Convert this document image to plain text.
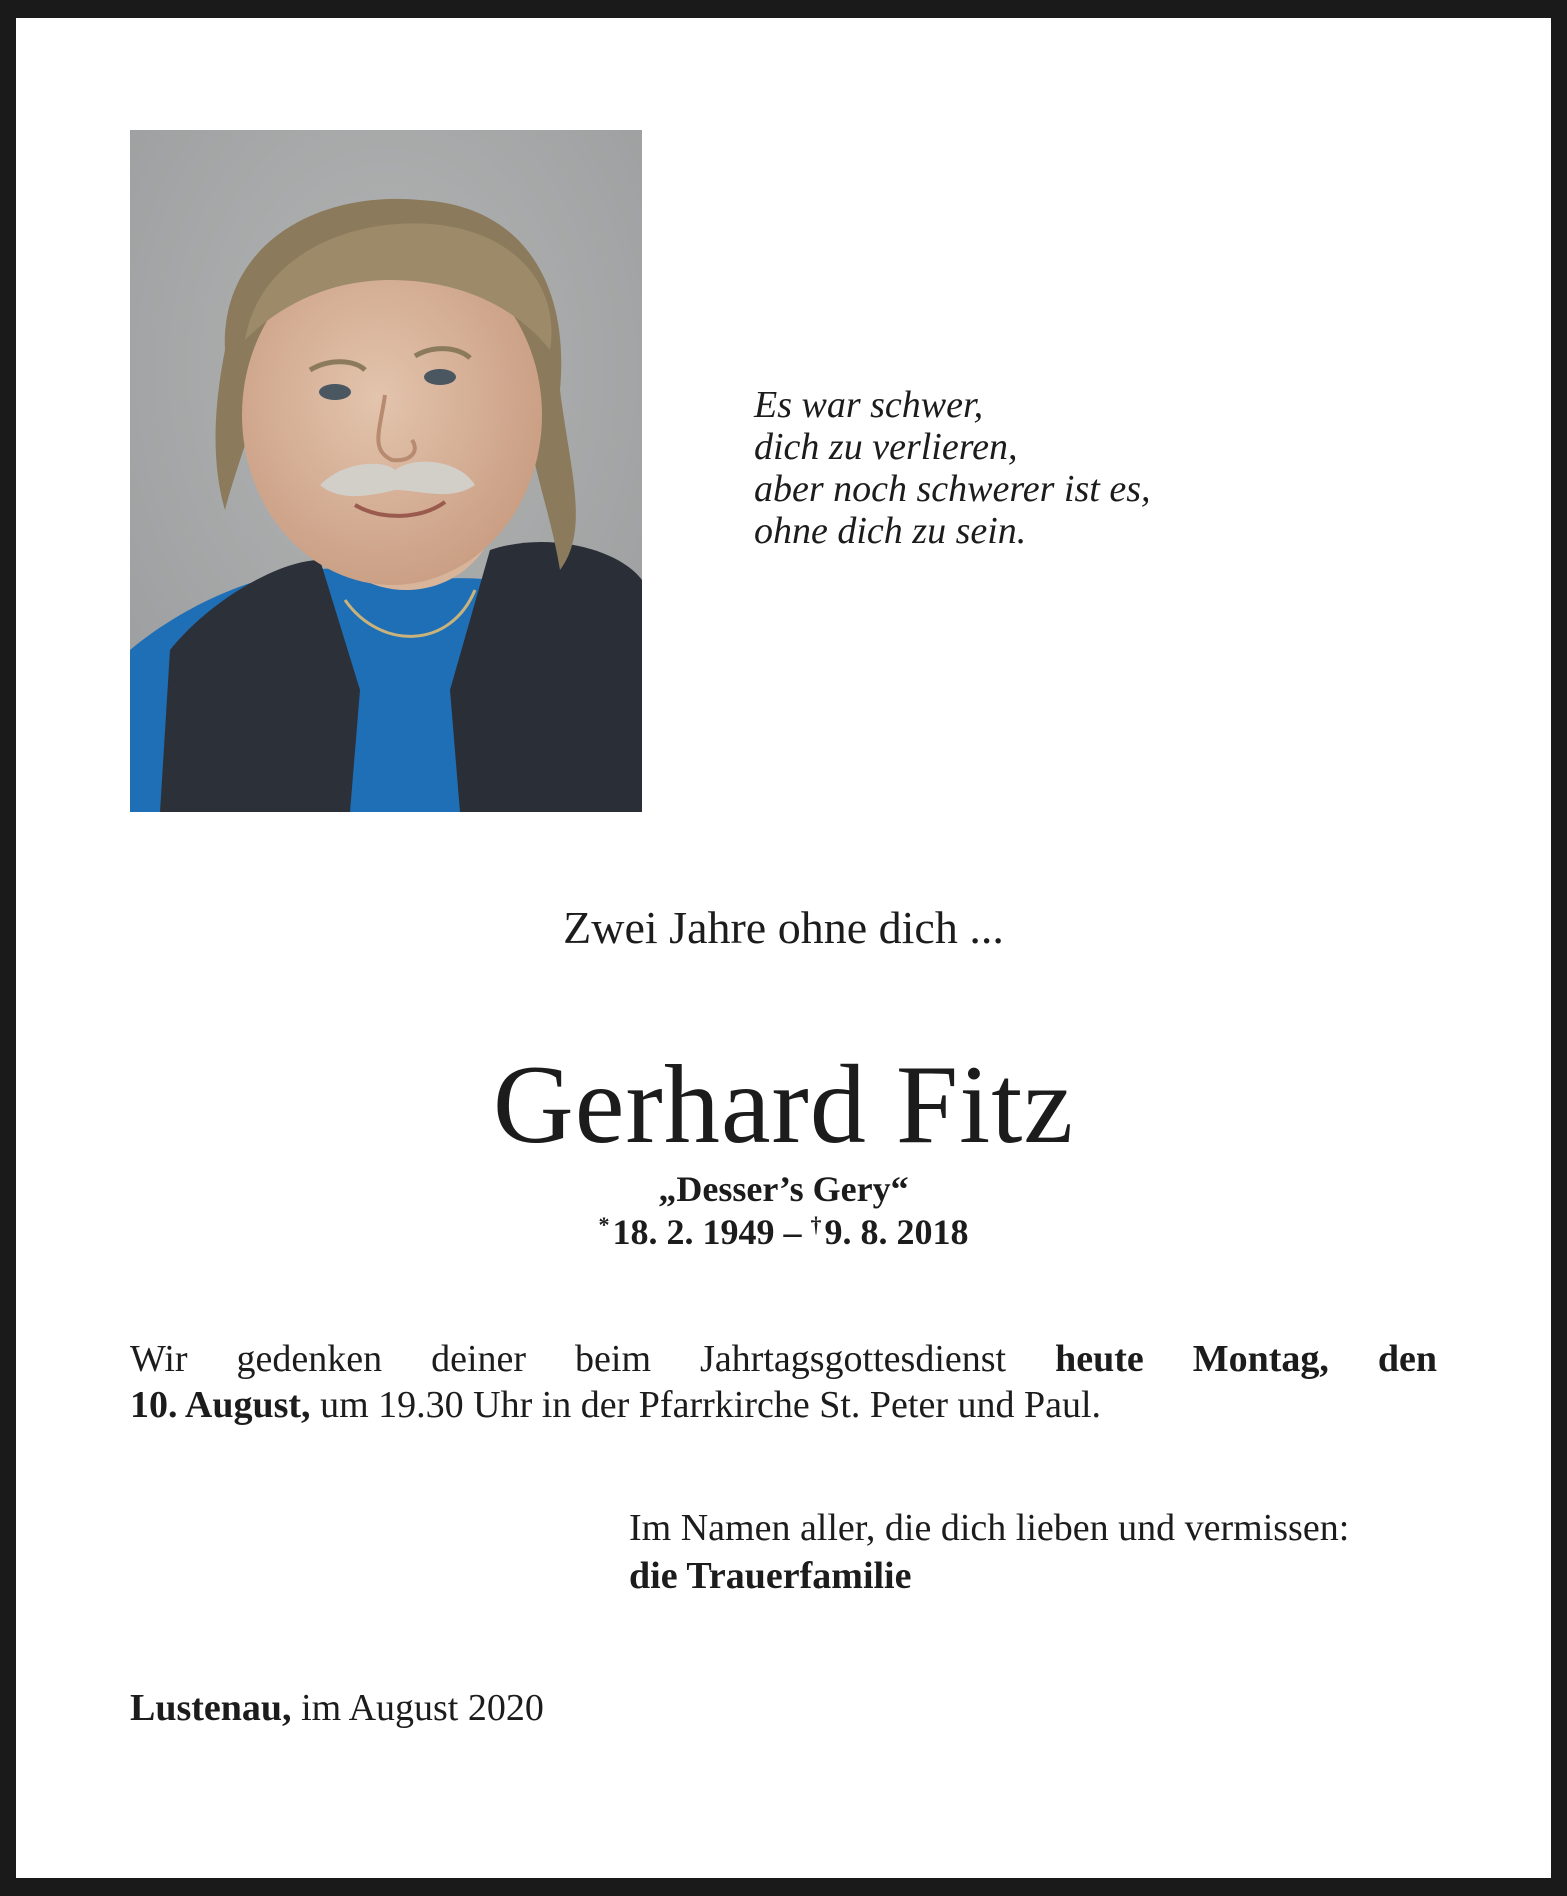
Es war schwer,
dich zu verlieren,
aber noch schwerer ist es,
ohne dich zu sein.
Zwei Jahre ohne dich ...
Gerhard Fitz
„Desser’s Gery“
* 18. 2. 1949 – † 9. 8. 2018
Wir gedenken deiner beim Jahrtagsgottesdienst heute Montag, den
10. August, um 19.30 Uhr in der Pfarrkirche St. Peter und Paul.
Im Namen aller, die dich lieben und vermissen:
die Trauerfamilie
Lustenau, im August 2020
